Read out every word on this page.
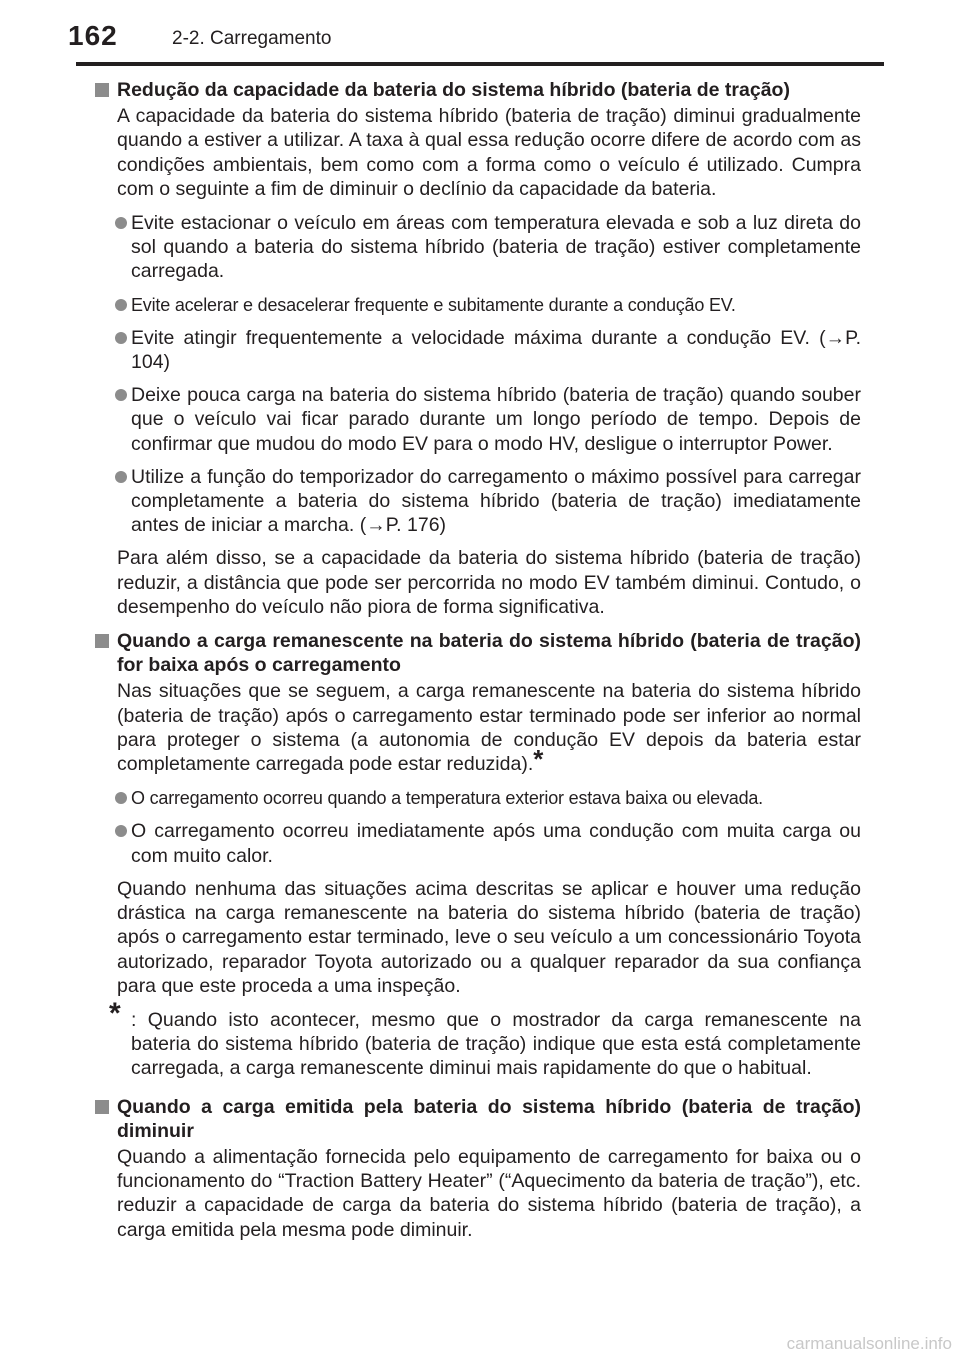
162	2-2. Carregamento
Redução da capacidade da bateria do sistema híbrido (bateria de tração)
A capacidade da bateria do sistema híbrido (bateria de tração) diminui gradualmente quando a estiver a utilizar. A taxa à qual essa redução ocorre difere de acordo com as condições ambientais, bem como com a forma como o veículo é utilizado. Cumpra com o seguinte a fim de diminuir o declínio da capacidade da bateria.
Evite estacionar o veículo em áreas com temperatura elevada e sob a luz direta do sol quando a bateria do sistema híbrido (bateria de tração) estiver completamente carregada.
Evite acelerar e desacelerar frequente e subitamente durante a condução EV.
Evite atingir frequentemente a velocidade máxima durante a condução EV. (→P. 104)
Deixe pouca carga na bateria do sistema híbrido (bateria de tração) quando souber que o veículo vai ficar parado durante um longo período de tempo. Depois de confirmar que mudou do modo EV para o modo HV, desligue o interruptor Power.
Utilize a função do temporizador do carregamento o máximo possível para carregar completamente a bateria do sistema híbrido (bateria de tração) imediatamente antes de iniciar a marcha. (→P. 176)
Para além disso, se a capacidade da bateria do sistema híbrido (bateria de tração) reduzir, a distância que pode ser percorrida no modo EV também diminui. Contudo, o desempenho do veículo não piora de forma significativa.
Quando a carga remanescente na bateria do sistema híbrido (bateria de tração) for baixa após o carregamento
Nas situações que se seguem, a carga remanescente na bateria do sistema híbrido (bateria de tração) após o carregamento estar terminado pode ser inferior ao normal para proteger o sistema (a autonomia de condução EV depois da bateria estar completamente carregada pode estar reduzida).*
O carregamento ocorreu quando a temperatura exterior estava baixa ou elevada.
O carregamento ocorreu imediatamente após uma condução com muita carga ou com muito calor.
Quando nenhuma das situações acima descritas se aplicar e houver uma redução drástica na carga remanescente na bateria do sistema híbrido (bateria de tração) após o carregamento estar terminado, leve o seu veículo a um concessionário Toyota autorizado, reparador Toyota autorizado ou a qualquer reparador da sua confiança para que este proceda a uma inspeção.
* : Quando isto acontecer, mesmo que o mostrador da carga remanescente na bateria do sistema híbrido (bateria de tração) indique que esta está completamente carregada, a carga remanescente diminui mais rapidamente do que o habitual.
Quando a carga emitida pela bateria do sistema híbrido (bateria de tração) diminuir
Quando a alimentação fornecida pelo equipamento de carregamento for baixa ou o funcionamento do “Traction Battery Heater” (“Aquecimento da bateria de tração”), etc. reduzir a capacidade de carga da bateria do sistema híbrido (bateria de tração), a carga emitida pela mesma pode diminuir.
carmanualsonline.info
